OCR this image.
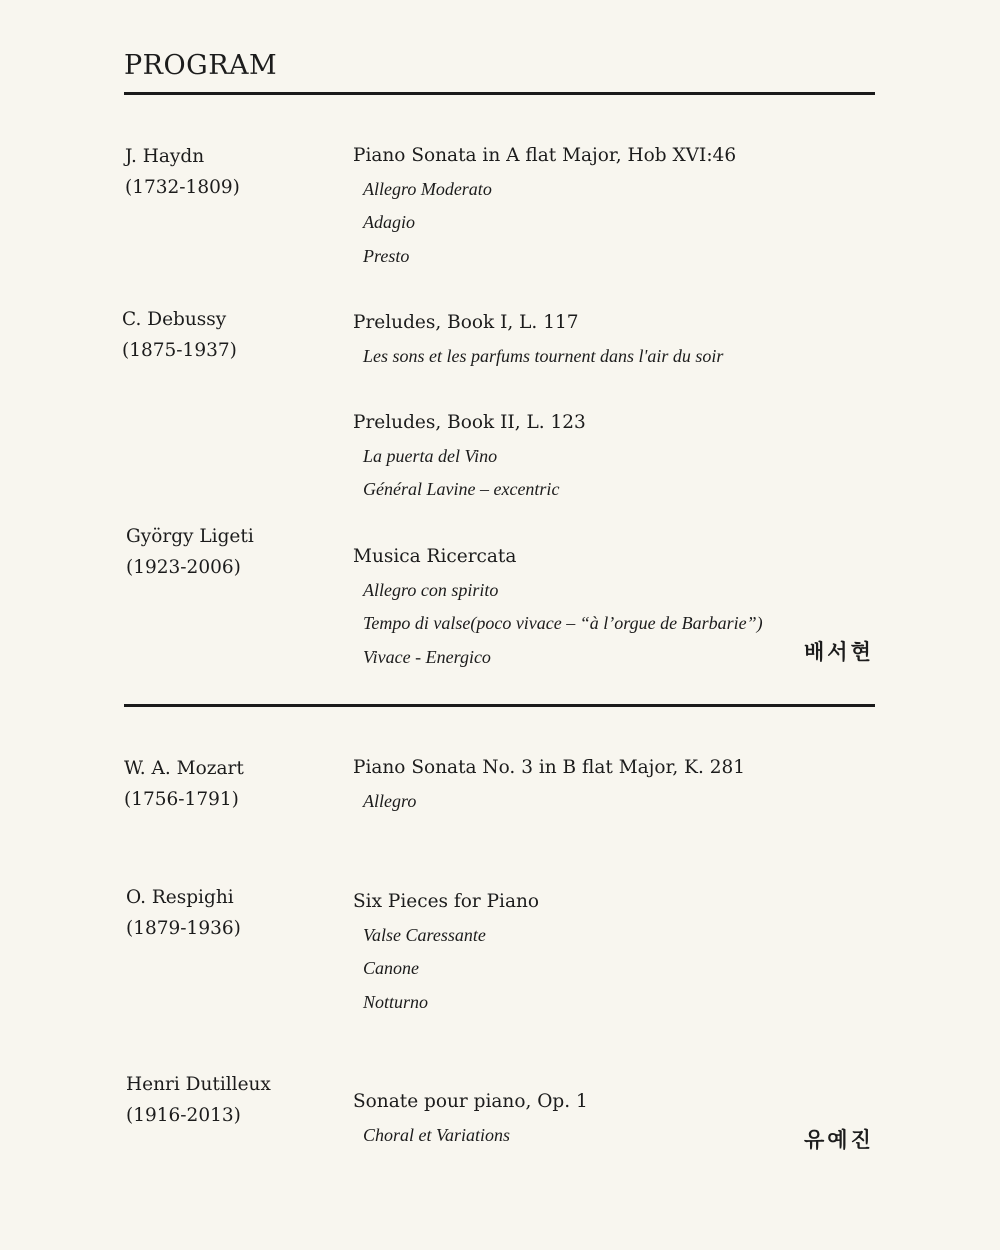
PROGRAM
J. Haydn
(1732-1809)
Piano Sonata in A flat Major, Hob XVI:46
Allegro Moderato
Adagio
Presto
C. Debussy
(1875-1937)
Preludes, Book I, L. 117
Les sons et les parfums tournent dans l'air du soir
Preludes, Book II, L. 123
La puerta del Vino
Général Lavine – excentric
György Ligeti
(1923-2006)
Musica Ricercata
Allegro con spirito
Tempo di valse(poco vivace – “à l’orgue de Barbarie”)
Vivace - Energico	배서현
W. A. Mozart
(1756-1791)
Piano Sonata No. 3 in B flat Major, K. 281
Allegro
O. Respighi
(1879-1936)
Six Pieces for Piano
Valse Caressante
Canone
Notturno
Henri Dutilleux
(1916-2013)
Sonate pour piano, Op. 1
Choral et Variations	유예진
